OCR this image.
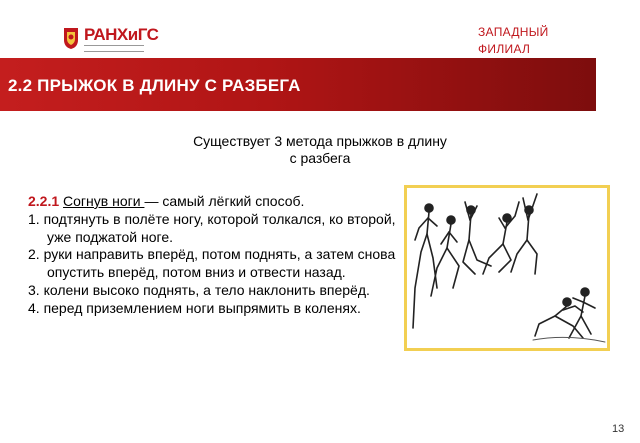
РАНХиГС	ЗАПАДНЫЙ
ФИЛИАЛ
2.2 ПРЫЖОК В ДЛИНУ С РАЗБЕГА
Существует 3 метода прыжков в длину
с разбега

2.2.1 Согнув ноги — самый лёгкий способ.

1. подтянуть в полёте ногу, которой толкался, ко второй, уже поджатой ноге.

2. руки направить вперёд, потом поднять, а затем снова опустить вперёд, потом вниз и отвести назад.

3. колени высоко поднять, а тело наклонить вперёд.

4. перед приземлением ноги выпрямить в коленях.

13
